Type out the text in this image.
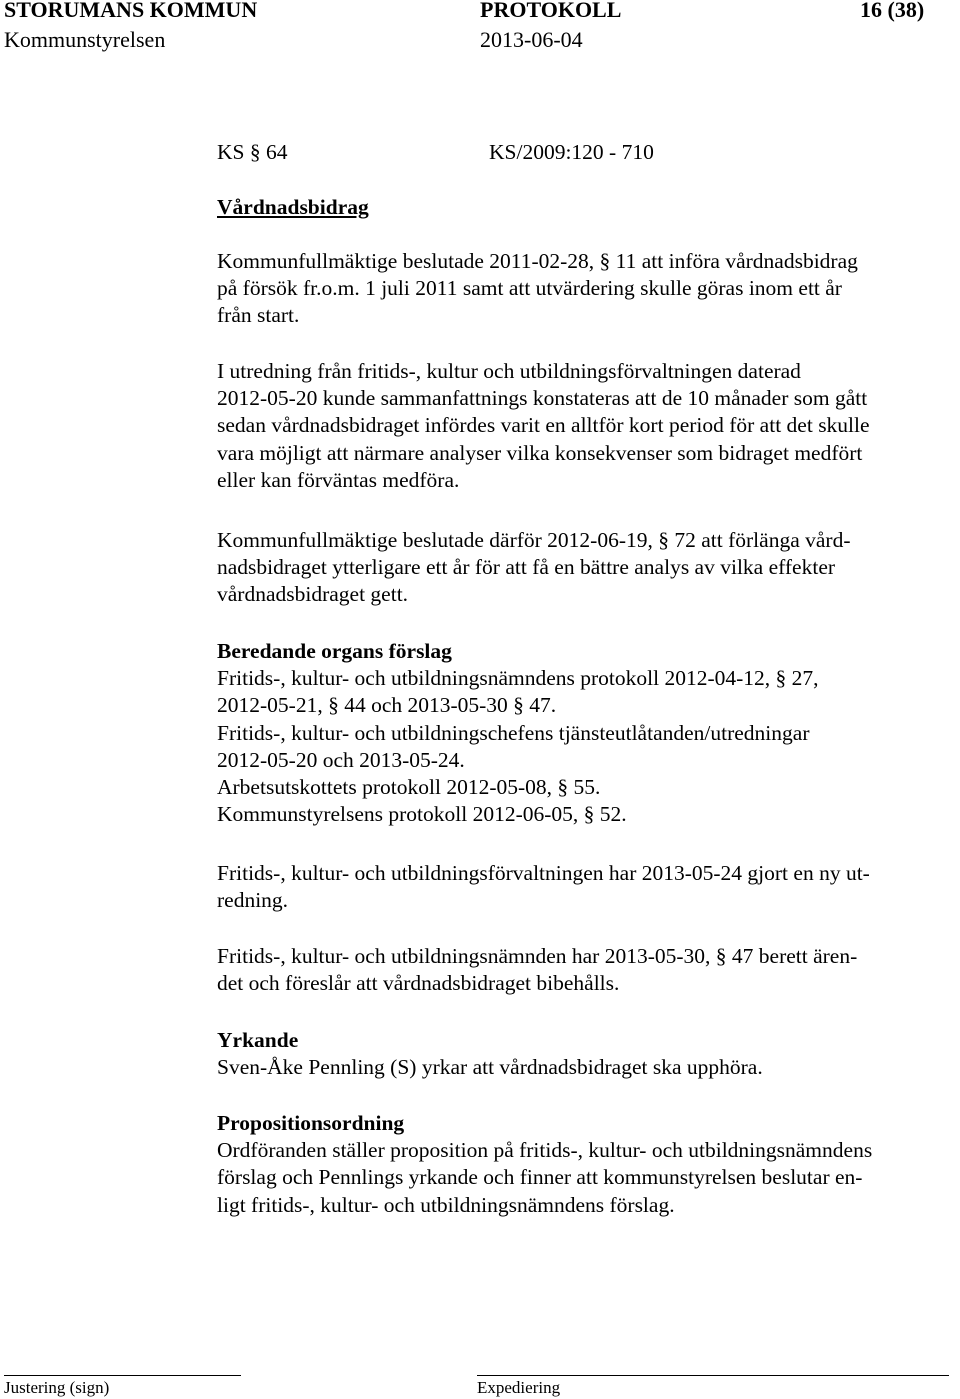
STORUMANS KOMMUN	PROTOKOLL	16 (38)
Kommunstyrelsen	2013-06-04
KS § 64	KS/2009:120 - 710
Vårdnadsbidrag

Kommunfullmäktige beslutade 2011-02-28, § 11 att införa vårdnadsbidrag

på försök fr.o.m. 1 juli 2011 samt att utvärdering skulle göras inom ett år

från start.

I utredning från fritids-, kultur och utbildningsförvaltningen daterad

2012-05-20 kunde sammanfattnings konstateras att de 10 månader som gått

sedan vårdnadsbidraget infördes varit en alltför kort period för att det skulle

vara möjligt att närmare analyser vilka konsekvenser som bidraget medfört

eller kan förväntas medföra.

Kommunfullmäktige beslutade därför 2012-06-19, § 72 att förlänga vård-

nadsbidraget ytterligare ett år för att få en bättre analys av vilka effekter

vårdnadsbidraget gett.

Beredande organs förslag

Fritids-, kultur- och utbildningsnämndens protokoll 2012-04-12, § 27,

2012-05-21, § 44 och 2013-05-30 § 47.

Fritids-, kultur- och utbildningschefens tjänsteutlåtanden/utredningar

2012-05-20 och 2013-05-24.

Arbetsutskottets protokoll 2012-05-08, § 55.

Kommunstyrelsens protokoll 2012-06-05, § 52.

Fritids-, kultur- och utbildningsförvaltningen har 2013-05-24 gjort en ny ut-

redning.

Fritids-, kultur- och utbildningsnämnden har 2013-05-30, § 47 berett ären-

det och föreslår att vårdnadsbidraget bibehålls.

Yrkande

Sven-Åke Pennling (S) yrkar att vårdnadsbidraget ska upphöra.

Propositionsordning

Ordföranden ställer proposition på fritids-, kultur- och utbildningsnämndens

förslag och Pennlings yrkande och finner att kommunstyrelsen beslutar en-

ligt fritids-, kultur- och utbildningsnämndens förslag.

Justering (sign)	Expediering
